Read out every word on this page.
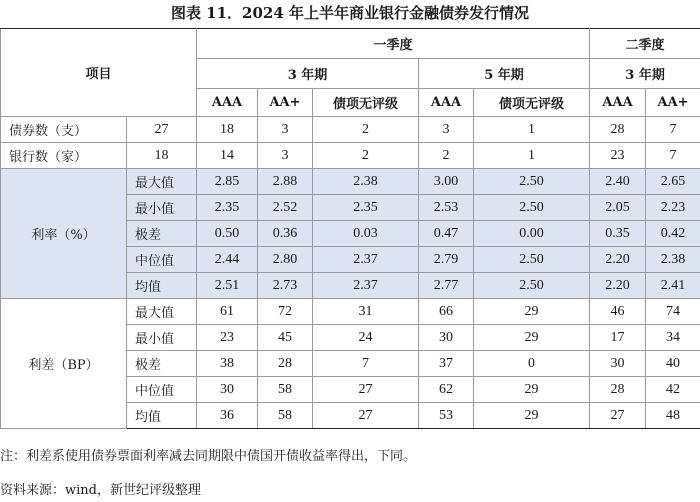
图表 11．2024 年上半年商业银行金融债券发行情况
项目		一季度					二季度	
		3 年期			5 年期		3 年期	
		AAA	AA+	债项无评级	AAA	债项无评级	AAA	AA+
债券数（支）	27	18	3	2	3	1	28	7
银行数（家）	18	14	3	2	2	1	23	7
利率（%）	最大值	2.85	2.88	2.38	3.00	2.50	2.40	2.65
	最小值	2.35	2.52	2.35	2.53	2.50	2.05	2.23
	极差	0.50	0.36	0.03	0.47	0.00	0.35	0.42
	中位值	2.44	2.80	2.37	2.79	2.50	2.20	2.38
	均值	2.51	2.73	2.37	2.77	2.50	2.20	2.41
利差（BP）	最大值	61	72	31	66	29	46	74
	最小值	23	45	24	30	29	17	34
	极差	38	28	7	37	0	30	40
	中位值	30	58	27	62	29	28	42
	均值	36	58	27	53	29	27	48
注：利差系使用债券票面利率减去同期限中债国开债收益率得出，下同。
资料来源：wind，新世纪评级整理
